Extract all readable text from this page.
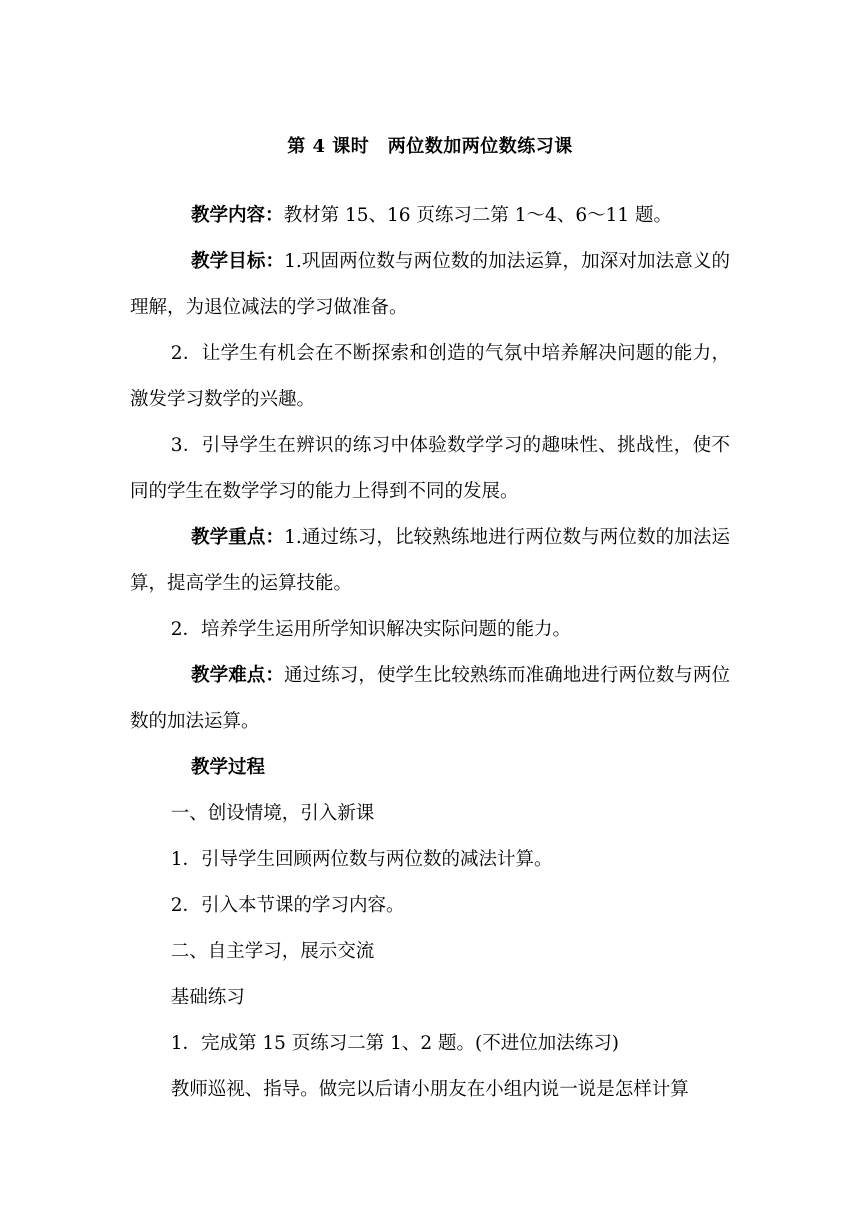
第 4 课时　两位数加两位数练习课

教学内容：教材第 15、16 页练习二第 1～4、6～11 题。

教学目标：1.巩固两位数与两位数的加法运算，加深对加法意义的理解，为退位减法的学习做准备。

2．让学生有机会在不断探索和创造的气氛中培养解决问题的能力，激发学习数学的兴趣。

3．引导学生在辨识的练习中体验数学学习的趣味性、挑战性，使不同的学生在数学学习的能力上得到不同的发展。

教学重点：1.通过练习，比较熟练地进行两位数与两位数的加法运算，提高学生的运算技能。

2．培养学生运用所学知识解决实际问题的能力。

教学难点：通过练习，使学生比较熟练而准确地进行两位数与两位数的加法运算。

教学过程

一、创设情境，引入新课

1．引导学生回顾两位数与两位数的减法计算。

2．引入本节课的学习内容。

二、自主学习，展示交流

基础练习

1．完成第 15 页练习二第 1、2 题。(不进位加法练习)

教师巡视、指导。做完以后请小朋友在小组内说一说是怎样计算
